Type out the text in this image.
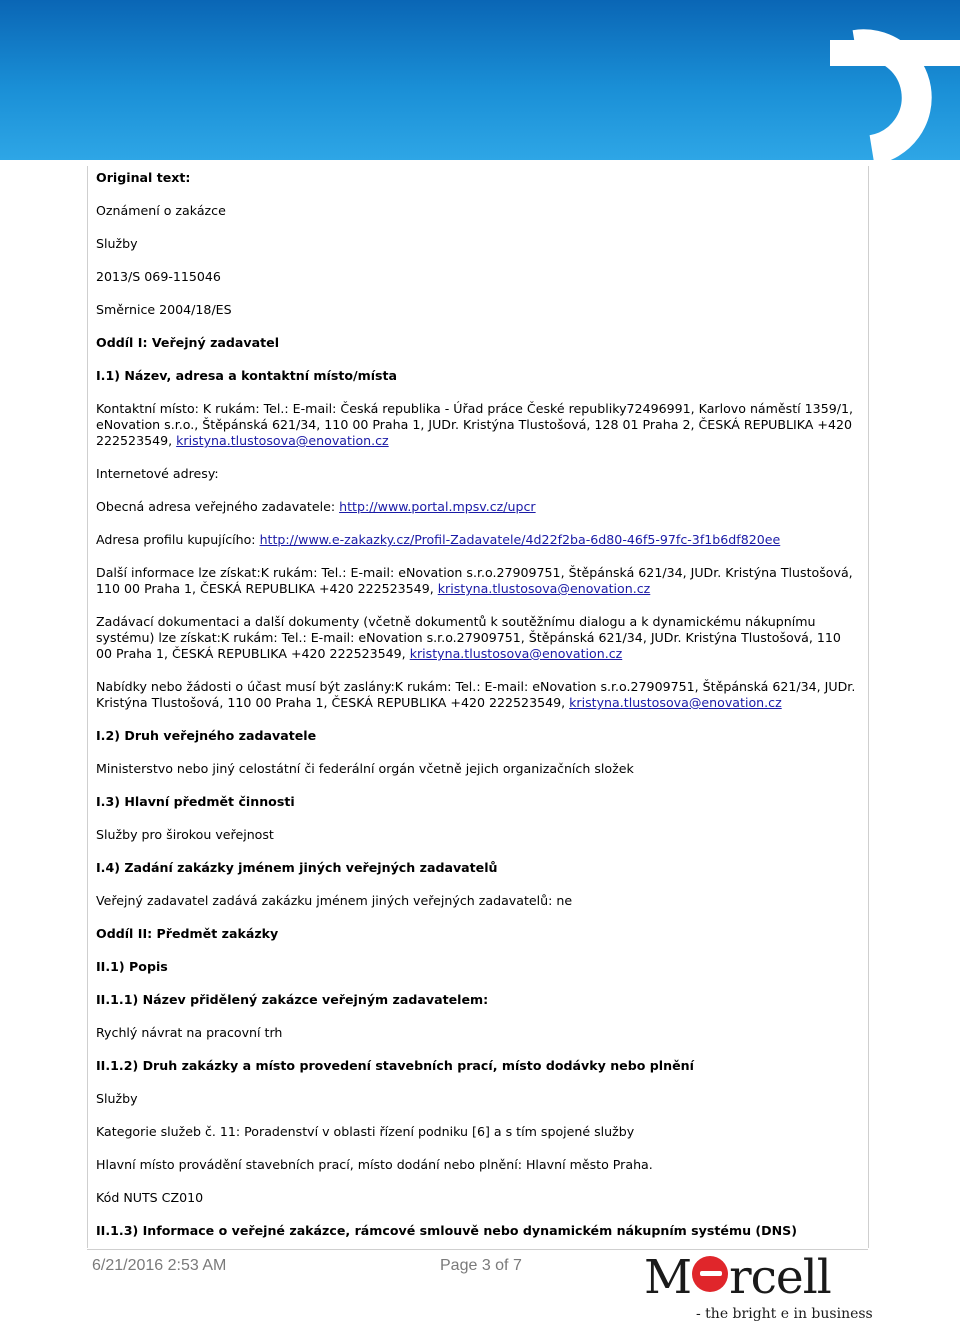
Original text:

Oznámení o zakázce

Služby

2013/S 069-115046

Směrnice 2004/18/ES

Oddíl I: Veřejný zadavatel

I.1) Název, adresa a kontaktní místo/místa

Kontaktní místo: K rukám: Tel.: E-mail: Česká republika - Úřad práce České republiky72496991, Karlovo náměstí 1359/1, eNovation s.r.o., Štěpánská 621/34, 110 00 Praha 1, JUDr. Kristýna Tlustošová, 128 01 Praha 2, ČESKÁ REPUBLIKA +420 222523549, kristyna.tlustosova@enovation.cz

Internetové adresy:

Obecná adresa veřejného zadavatele: http://www.portal.mpsv.cz/upcr

Adresa profilu kupujícího: http://www.e-zakazky.cz/Profil-Zadavatele/4d22f2ba-6d80-46f5-97fc-3f1b6df820ee

Další informace lze získat:K rukám: Tel.: E-mail: eNovation s.r.o.27909751, Štěpánská 621/34, JUDr. Kristýna Tlustošová, 110 00 Praha 1, ČESKÁ REPUBLIKA +420 222523549, kristyna.tlustosova@enovation.cz

Zadávací dokumentaci a další dokumenty (včetně dokumentů k soutěžnímu dialogu a k dynamickému nákupnímu systému) lze získat:K rukám: Tel.: E-mail: eNovation s.r.o.27909751, Štěpánská 621/34, JUDr. Kristýna Tlustošová, 110 00 Praha 1, ČESKÁ REPUBLIKA +420 222523549, kristyna.tlustosova@enovation.cz

Nabídky nebo žádosti o účast musí být zaslány:K rukám: Tel.: E-mail: eNovation s.r.o.27909751, Štěpánská 621/34, JUDr. Kristýna Tlustošová, 110 00 Praha 1, ČESKÁ REPUBLIKA +420 222523549, kristyna.tlustosova@enovation.cz

I.2) Druh veřejného zadavatele

Ministerstvo nebo jiný celostátní či federální orgán včetně jejich organizačních složek

I.3) Hlavní předmět činnosti

Služby pro širokou veřejnost

I.4) Zadání zakázky jménem jiných veřejných zadavatelů

Veřejný zadavatel zadává zakázku jménem jiných veřejných zadavatelů: ne

Oddíl II: Předmět zakázky

II.1) Popis

II.1.1) Název přidělený zakázce veřejným zadavatelem:

Rychlý návrat na pracovní trh

II.1.2) Druh zakázky a místo provedení stavebních prací, místo dodávky nebo plnění

Služby

Kategorie služeb č. 11: Poradenství v oblasti řízení podniku [6] a s tím spojené služby

Hlavní místo provádění stavebních prací, místo dodání nebo plnění: Hlavní město Praha.

Kód NUTS CZ010

II.1.3) Informace o veřejné zakázce, rámcové smlouvě nebo dynamickém nákupním systému (DNS)

6/21/2016 2:53 AM	Page 3 of 7	M rcell
- the bright e in business
